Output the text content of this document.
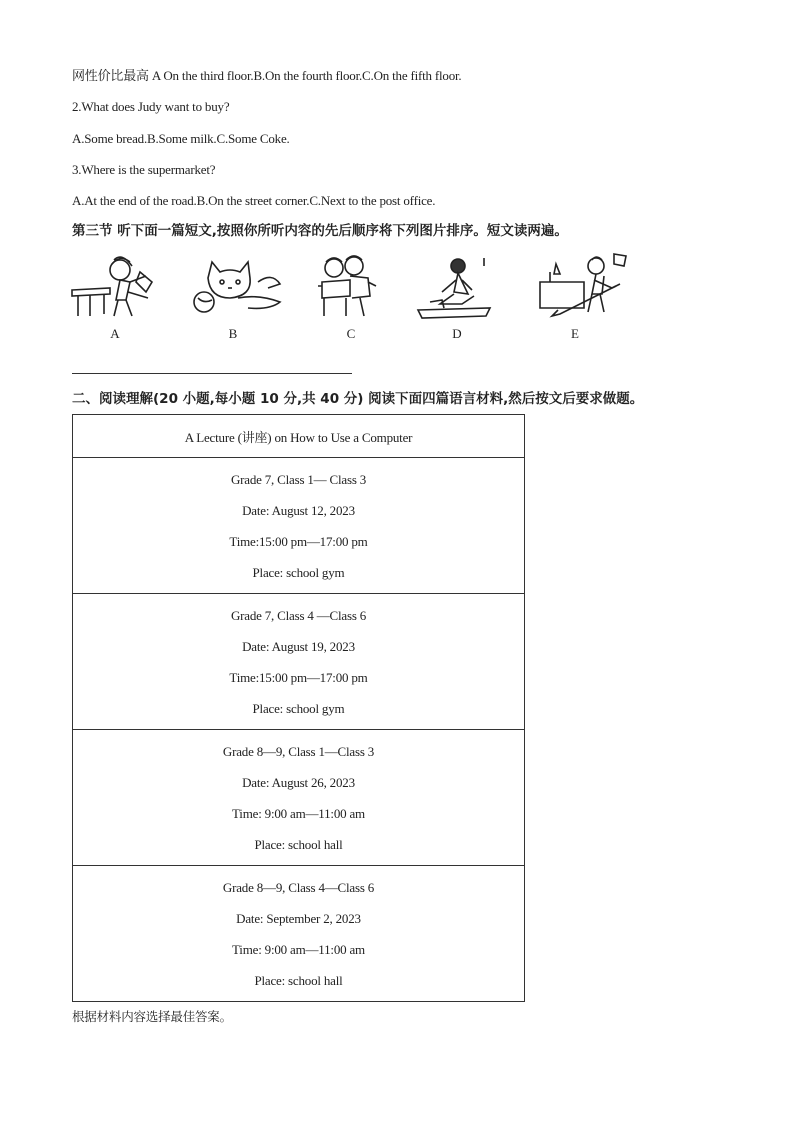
网性价比最高 A On the third floor.B.On the fourth floor.C.On the fifth floor.
2.What does Judy want to buy?
A.Some bread.B.Some milk.C.Some Coke.
3.Where is the supermarket?
A.At the end of the road.B.On the street corner.C.Next to the post office.
第三节 听下面一篇短文,按照你所听内容的先后顺序将下列图片排序。短文读两遍。
A	B	C	D	E
二、阅读理解(20 小题,每小题 10 分,共 40 分) 阅读下面四篇语言材料,然后按文后要求做题。
A Lecture (讲座) on How to Use a Computer

Grade 7, Class 1— Class 3
Date: August 12, 2023
Time:15:00 pm—17:00 pm
Place: school gym

Grade 7, Class 4 —Class 6
Date: August 19, 2023
Time:15:00 pm—17:00 pm
Place: school gym

Grade 8—9, Class 1—Class 3
Date: August 26, 2023
Time: 9:00 am—11:00 am
Place: school hall

Grade 8—9, Class 4—Class 6
Date: September 2, 2023
Time: 9:00 am—11:00 am
Place: school hall
根据材料内容选择最佳答案。
